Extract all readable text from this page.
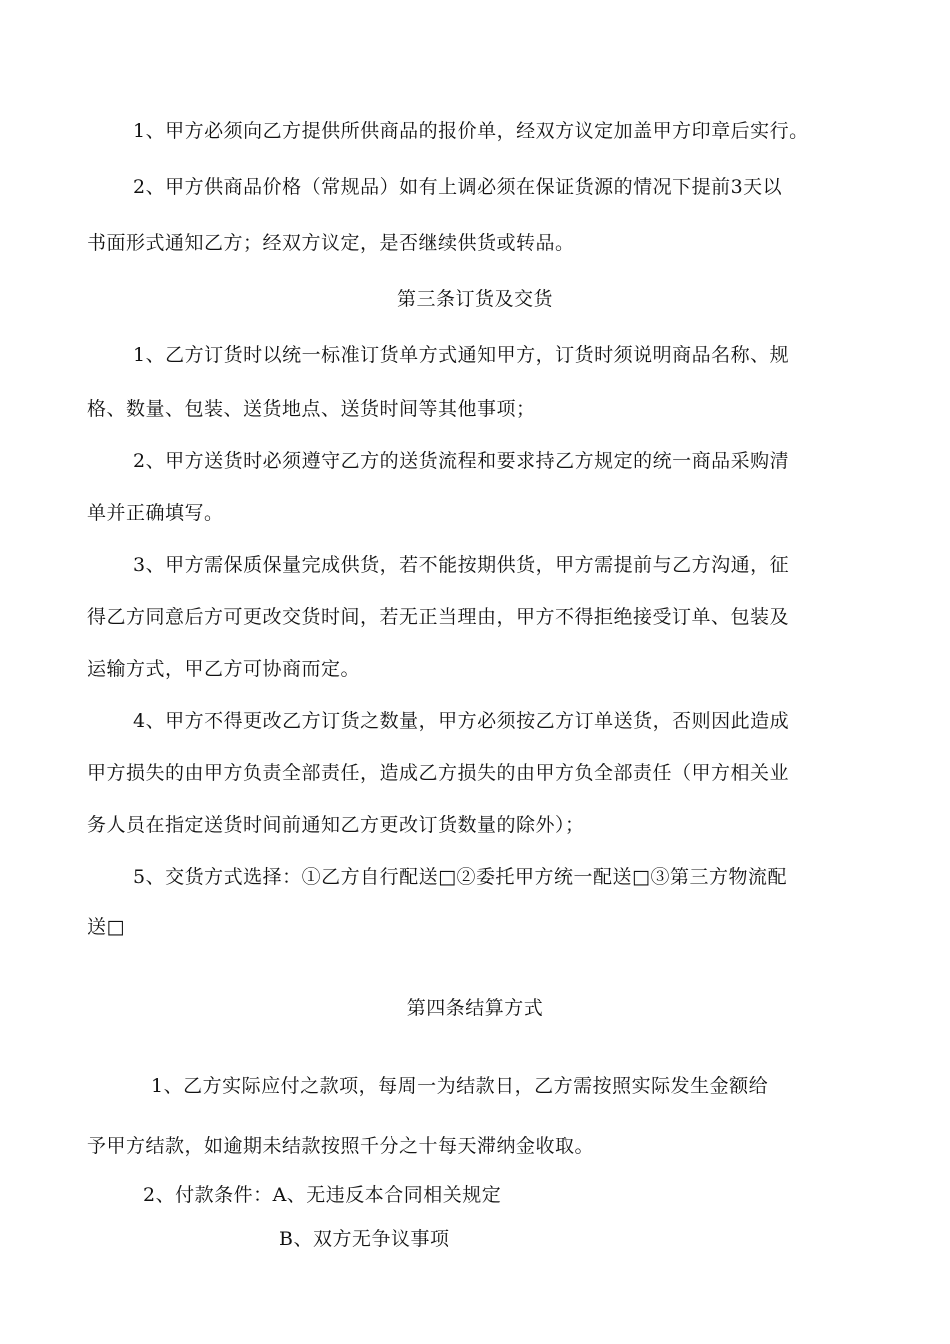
1、甲方必须向乙方提供所供商品的报价单，经双方议定加盖甲方印章后实行。
2、甲方供商品价格（常规品）如有上调必须在保证货源的情况下提前3天以
书面形式通知乙方；经双方议定，是否继续供货或转品。
第三条订货及交货
1、乙方订货时以统一标准订货单方式通知甲方，订货时须说明商品名称、规
格、数量、包装、送货地点、送货时间等其他事项；
2、甲方送货时必须遵守乙方的送货流程和要求持乙方规定的统一商品采购清
单并正确填写。
3、甲方需保质保量完成供货，若不能按期供货，甲方需提前与乙方沟通，征
得乙方同意后方可更改交货时间，若无正当理由，甲方不得拒绝接受订单、包装及
运输方式，甲乙方可协商而定。
4、甲方不得更改乙方订货之数量，甲方必须按乙方订单送货，否则因此造成
甲方损失的由甲方负责全部责任，造成乙方损失的由甲方负全部责任（甲方相关业
务人员在指定送货时间前通知乙方更改订货数量的除外）；
5、交货方式选择：①乙方自行配送□②委托甲方统一配送□③第三方物流配
送□
第四条结算方式
1、乙方实际应付之款项，每周一为结款日，乙方需按照实际发生金额给
予甲方结款，如逾期未结款按照千分之十每天滞纳金收取。
2、付款条件：A、无违反本合同相关规定
B、双方无争议事项
